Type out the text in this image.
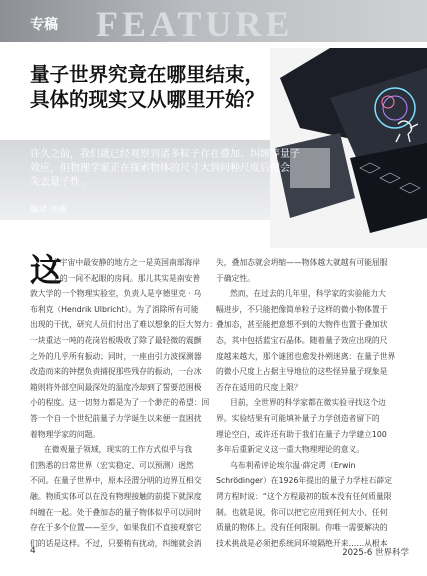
专稿 FEATURE
量子世界究竟在哪里结束，
具体的现实又从哪里开始？
许久之前，我们就已经观察到诸多粒子存在叠加、纠缠等量子
效应，但物理学家正在探索物体的尺寸大到何种尺度后便会
失去量子性 。
编译 李威
这
个宇宙中最安静的地方之一是英国南部海岸
上的一间不起眼的房间。那儿其实是南安普
敦大学的一个物理实验室，负责人是亨德里克 · 乌
布利克（Hendrik Ulbricht）。为了消除所有可能
出现的干扰，研究人员们付出了难以想象的巨大努力：
一块重达一吨的花岗岩板吸收了除了最轻微的震颤
之外的几乎所有振动；同时，一座由引力波探测器
改造而来的钟摆负责捕捉那些残存的振动，一台冰
箱则将外部空间最深处的温度冷却到了誓要范围极
小的程度。这一切努力都是为了一个渺茫的希望：回
答一个自一个世纪前量子力学诞生以来便一直困扰
着物理学家的问题。
在微观量子领域，现实的工作方式似乎与我
们熟悉的日常世界（宏实稳定、可以预测）迥然
不同。在量子世界中，原本泾渭分明的边界互相交
融。物质实体可以在没有物理接触的前提下就深度
纠缠在一起。处于叠加态的量子物体似乎可以同时
存在于多个位置——至少，如果我们不直接观察它
们的话是这样。不过，只要稍有扰动，纠缠就会消
失，叠加态就会坍缩——物体越大就越有可能屈服
于确定性。
然而，在过去的几年里，科学家的实验能力大
幅进步，不只能把像简单粒子这样的微小物体置于
叠加态，甚至能把意想不到的大物件也置于叠加状
态，其中包括蓝宝石晶体。随着量子效应出现的尺
度越来越大，那个谜团也愈发扑朔迷离：在量子世界
的微小尺度上占据主导地位的这些怪异量子现象是
否存在适用的尺度上限？
目前，全世界的科学家都在微实验寻找这个边
界。实验结果有可能填补量子力学创造者留下的
理论空白，或许还有助于我们在量子力学建立100
多年后重新定义这一重大物理理论的意义。
乌布利希评论埃尔温·薛定谔（Erwin
Schrödinger）在1926年提出的量子力学柱石薛定
谔方程时说：“这个方程最初的版本没有任何质量限
制。也就是说，你可以把它应用到任何大小、任何
质量的物体上。没有任何限制。你唯一需要解决的
技术挑战是必须把系统同环境隔绝开来……从根本
4	2025-6 世界科学
